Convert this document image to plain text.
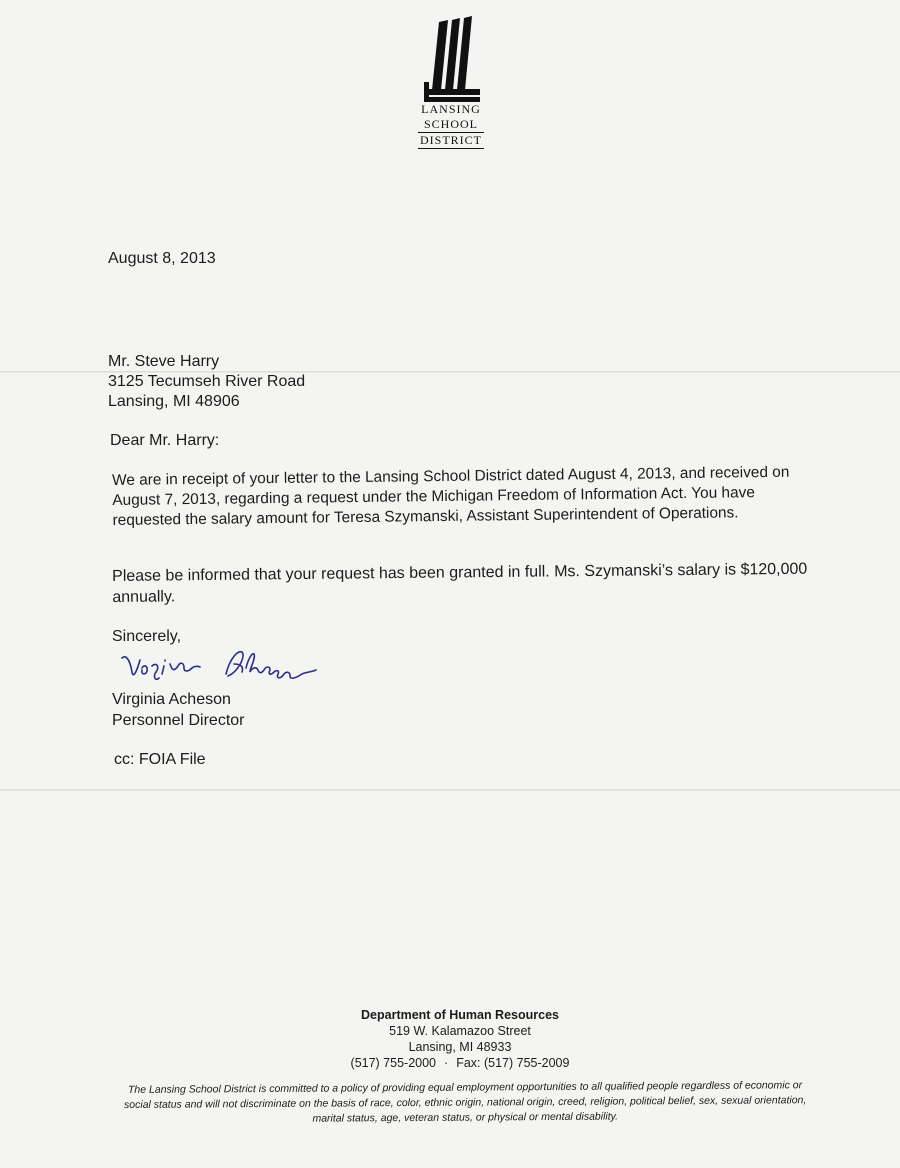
LANSING
SCHOOL
DISTRICT
August 8, 2013
Mr. Steve Harry
3125 Tecumseh River Road
Lansing, MI 48906
Dear Mr. Harry:
We are in receipt of your letter to the Lansing School District dated August 4, 2013, and received on August 7, 2013, regarding a request under the Michigan Freedom of Information Act. You have requested the salary amount for Teresa Szymanski, Assistant Superintendent of Operations.
Please be informed that your request has been granted in full. Ms. Szymanski’s salary is $120,000 annually.
Sincerely,
Virginia Acheson
Personnel Director
cc: FOIA File
Department of Human Resources
519 W. Kalamazoo Street
Lansing, MI 48933
(517) 755-2000 · Fax: (517) 755-2009
The Lansing School District is committed to a policy of providing equal employment opportunities to all qualified people regardless of economic or social status and will not discriminate on the basis of race, color, ethnic origin, national origin, creed, religion, political belief, sex, sexual orientation, marital status, age, veteran status, or physical or mental disability.
